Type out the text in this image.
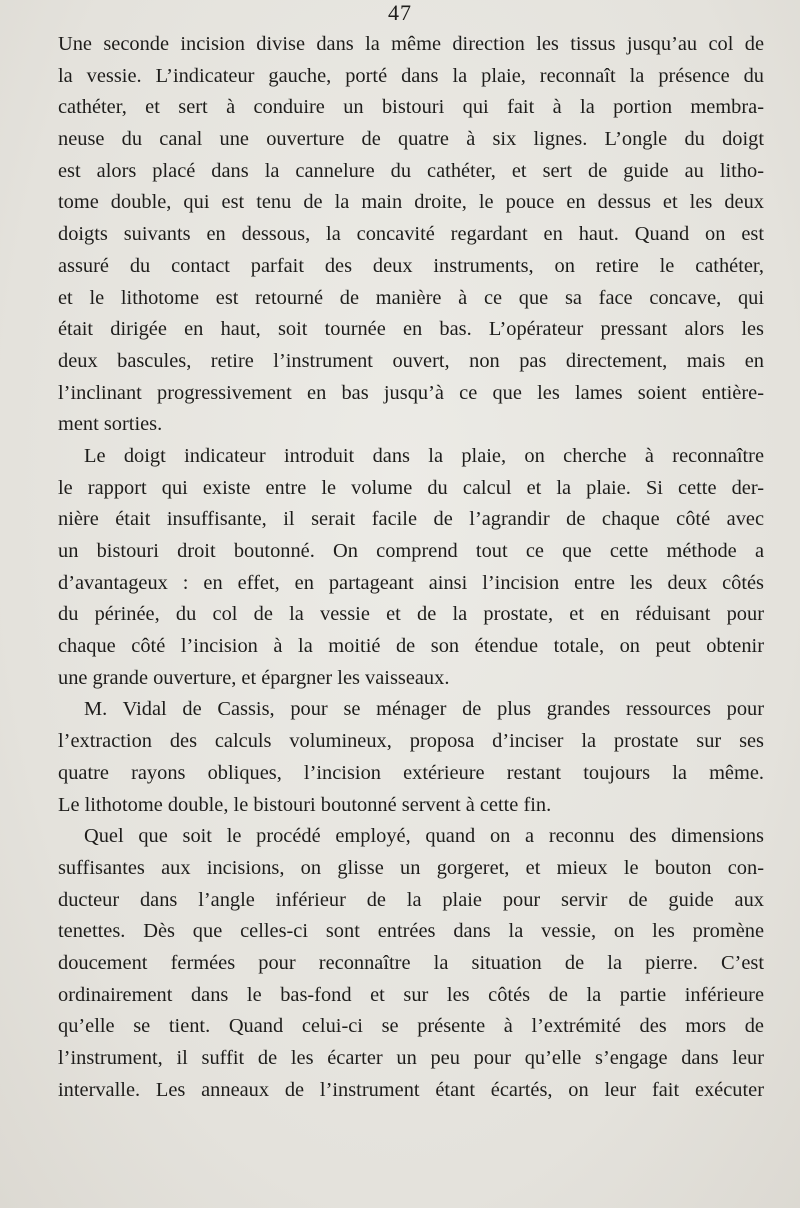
47
Une seconde incision divise dans la même direction les tissus jusqu’au col de
la vessie. L’indicateur gauche, porté dans la plaie, reconnaît la présence du
cathéter, et sert à conduire un bistouri qui fait à la portion membra-
neuse du canal une ouverture de quatre à six lignes. L’ongle du doigt
est alors placé dans la cannelure du cathéter, et sert de guide au litho-
tome double, qui est tenu de la main droite, le pouce en dessus et les deux
doigts suivants en dessous, la concavité regardant en haut. Quand on est
assuré du contact parfait des deux instruments, on retire le cathéter,
et le lithotome est retourné de manière à ce que sa face concave, qui
était dirigée en haut, soit tournée en bas. L’opérateur pressant alors les
deux bascules, retire l’instrument ouvert, non pas directement, mais en
l’inclinant progressivement en bas jusqu’à ce que les lames soient entière-
ment sorties.
Le doigt indicateur introduit dans la plaie, on cherche à reconnaître
le rapport qui existe entre le volume du calcul et la plaie. Si cette der-
nière était insuffisante, il serait facile de l’agrandir de chaque côté avec
un bistouri droit boutonné. On comprend tout ce que cette méthode a
d’avantageux : en effet, en partageant ainsi l’incision entre les deux côtés
du périnée, du col de la vessie et de la prostate, et en réduisant pour
chaque côté l’incision à la moitié de son étendue totale, on peut obtenir
une grande ouverture, et épargner les vaisseaux.
M. Vidal de Cassis, pour se ménager de plus grandes ressources pour
l’extraction des calculs volumineux, proposa d’inciser la prostate sur ses
quatre rayons obliques, l’incision extérieure restant toujours la même.
Le lithotome double, le bistouri boutonné servent à cette fin.
Quel que soit le procédé employé, quand on a reconnu des dimensions
suffisantes aux incisions, on glisse un gorgeret, et mieux le bouton con-
ducteur dans l’angle inférieur de la plaie pour servir de guide aux
tenettes. Dès que celles-ci sont entrées dans la vessie, on les promène
doucement fermées pour reconnaître la situation de la pierre. C’est
ordinairement dans le bas-fond et sur les côtés de la partie inférieure
qu’elle se tient. Quand celui-ci se présente à l’extrémité des mors de
l’instrument, il suffit de les écarter un peu pour qu’elle s’engage dans leur
intervalle. Les anneaux de l’instrument étant écartés, on leur fait exécuter
